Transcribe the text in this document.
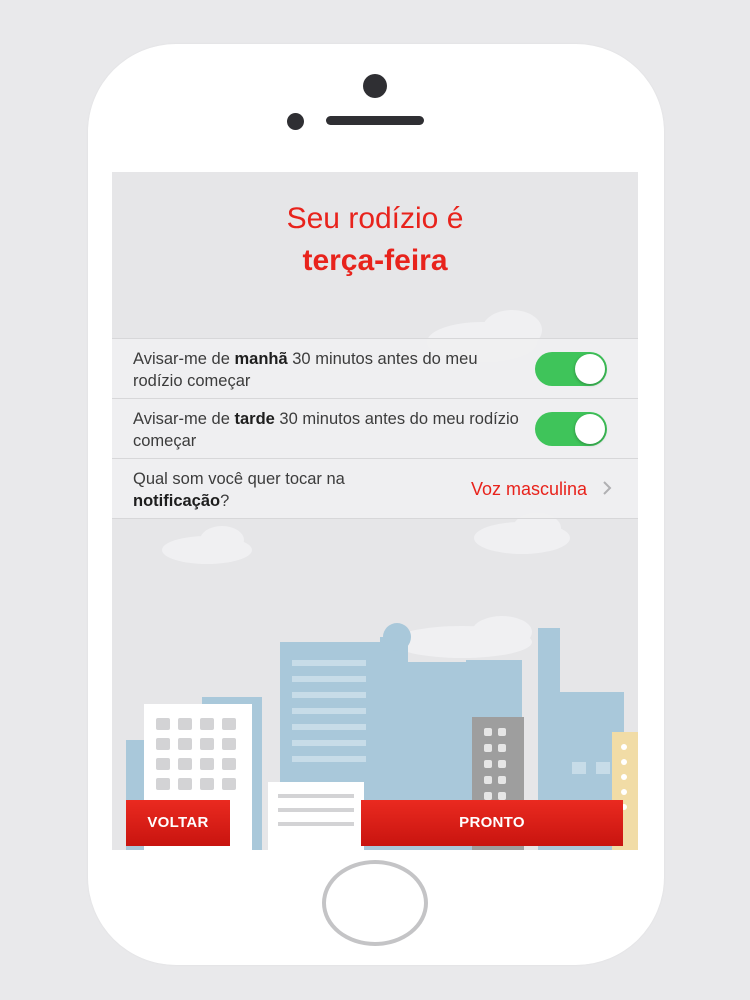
Seu rodízio é
terça-feira
Avisar-me de manhã 30 minutos antes do meu rodízio começar
Avisar-me de tarde 30 minutos antes do meu rodízio começar
Qual som você quer tocar na notificação?
Voz masculina
VOLTAR	PRONTO
